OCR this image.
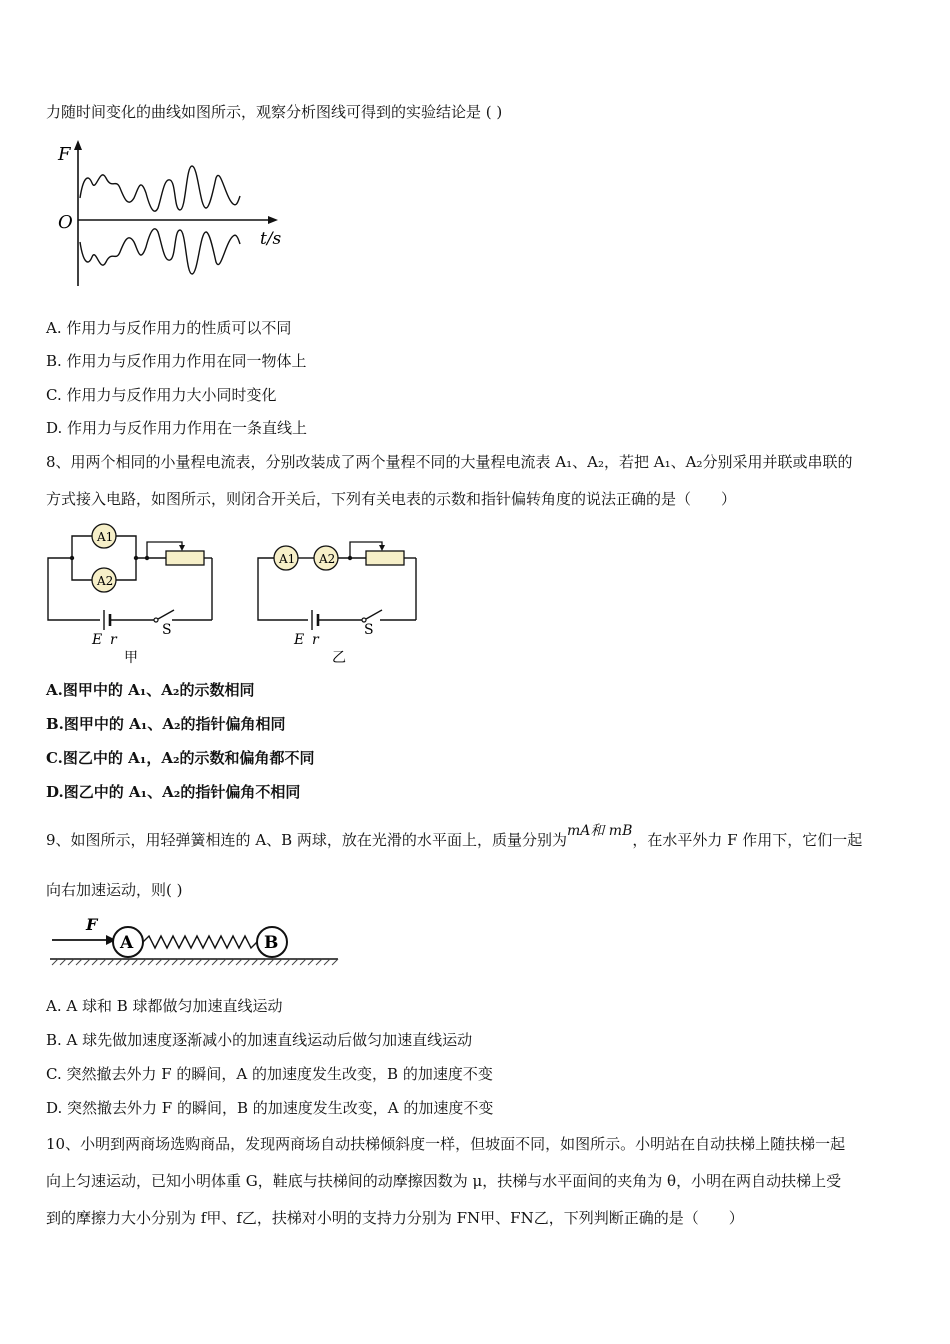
力随时间变化的曲线如图所示，观察分析图线可得到的实验结论是 ( )
F
O
t/s
A. 作用力与反作用力的性质可以不同
B. 作用力与反作用力作用在同一物体上
C. 作用力与反作用力大小同时变化
D. 作用力与反作用力作用在一条直线上
8、用两个相同的小量程电流表，分别改装成了两个量程不同的大量程电流表 A₁、A₂，若把 A₁、A₂分别采用并联或串联的
方式接入电路，如图所示，则闭合开关后，下列有关电表的示数和指针偏转角度的说法正确的是（　　）
A1
A2
E r
S
甲
A1 A2
E r
S
乙
A.图甲中的 A₁、A₂的示数相同
B.图甲中的 A₁、A₂的指针偏角相同
C.图乙中的 A₁，A₂的示数和偏角都不同
D.图乙中的 A₁、A₂的指针偏角不相同
9、如图所示，用轻弹簧相连的 A、B 两球，放在光滑的水平面上，质量分别为mA和 mB，在水平外力 F 作用下，它们一起
向右加速运动，则( )
F
A	B
A. A 球和 B 球都做匀加速直线运动
B. A 球先做加速度逐渐减小的加速直线运动后做匀加速直线运动
C. 突然撤去外力 F 的瞬间，A 的加速度发生改变，B 的加速度不变
D. 突然撤去外力 F 的瞬间，B 的加速度发生改变，A 的加速度不变
10、小明到两商场选购商品，发现两商场自动扶梯倾斜度一样，但坡面不同，如图所示。小明站在自动扶梯上随扶梯一起
向上匀速运动，已知小明体重 G，鞋底与扶梯间的动摩擦因数为 μ，扶梯与水平面间的夹角为 θ，小明在两自动扶梯上受
到的摩擦力大小分别为 f甲、f乙，扶梯对小明的支持力分别为 FN甲、FN乙，下列判断正确的是（　　）
